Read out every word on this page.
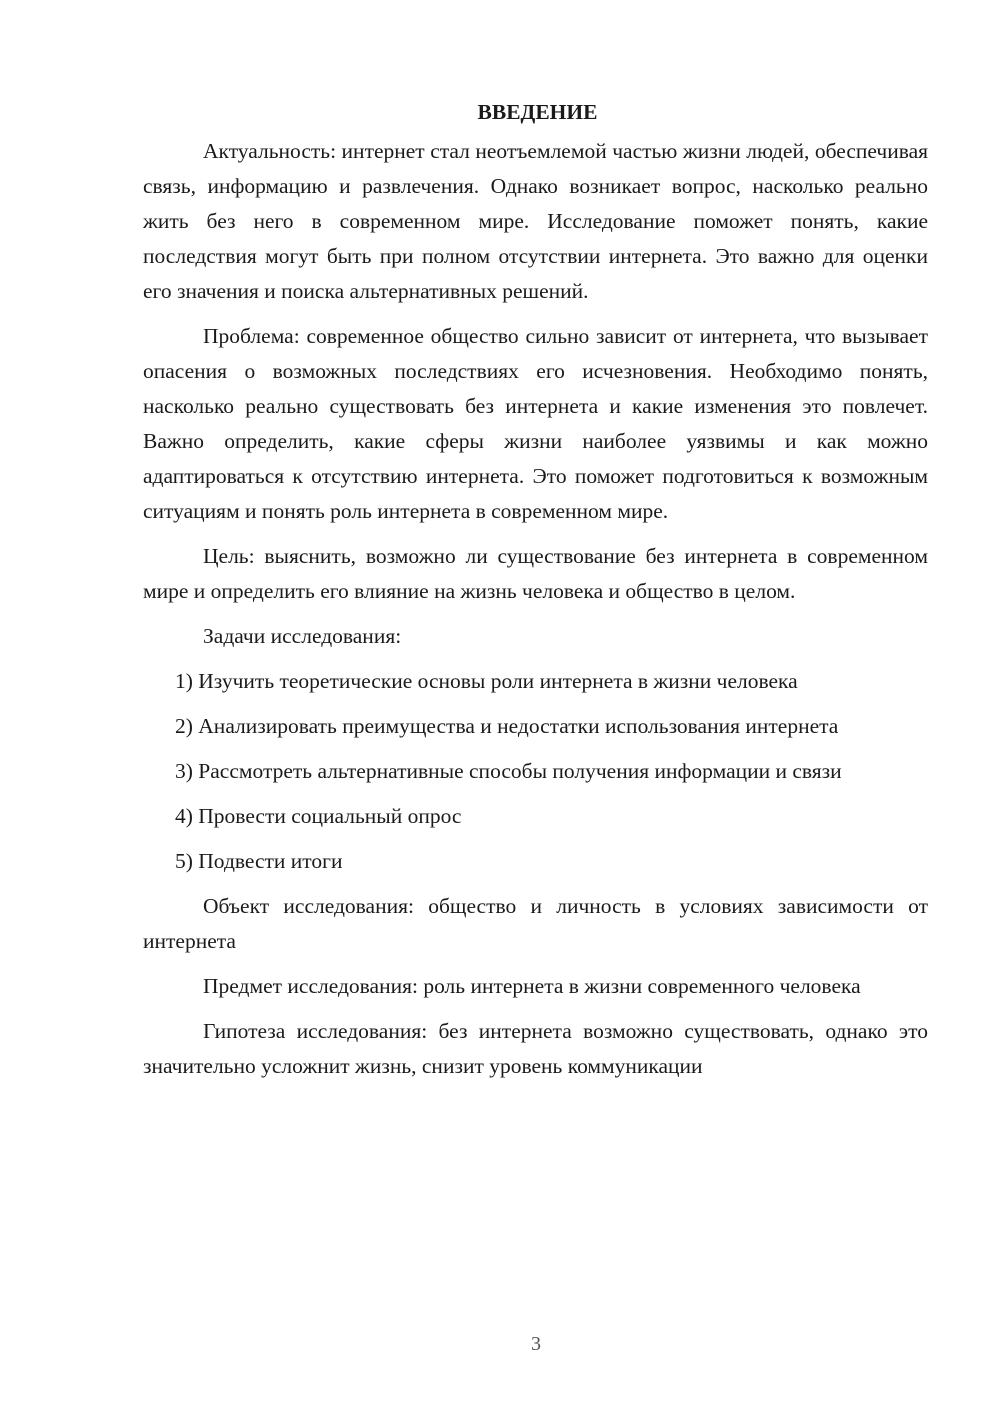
ВВЕДЕНИЕ

Актуальность: интернет стал неотъемлемой частью жизни людей, обеспечивая связь, информацию и развлечения. Однако возникает вопрос, насколько реально жить без него в современном мире. Исследование поможет понять, какие последствия могут быть при полном отсутствии интернета. Это важно для оценки его значения и поиска альтернативных решений.

Проблема: современное общество сильно зависит от интернета, что вызывает опасения о возможных последствиях его исчезновения. Необходимо понять, насколько реально существовать без интернета и какие изменения это повлечет. Важно определить, какие сферы жизни наиболее уязвимы и как можно адаптироваться к отсутствию интернета. Это поможет подготовиться к возможным ситуациям и понять роль интернета в современном мире.

Цель: выяснить, возможно ли существование без интернета в современном мире и определить его влияние на жизнь человека и общество в целом.

Задачи исследования:

1) Изучить теоретические основы роли интернета в жизни человека

2) Анализировать преимущества и недостатки использования интернета

3) Рассмотреть альтернативные способы получения информации и связи

4) Провести социальный опрос

5) Подвести итоги

Объект исследования: общество и личность в условиях зависимости от интернета

Предмет исследования: роль интернета в жизни современного человека

Гипотеза исследования: без интернета возможно существовать, однако это значительно усложнит жизнь, снизит уровень коммуникации

3
